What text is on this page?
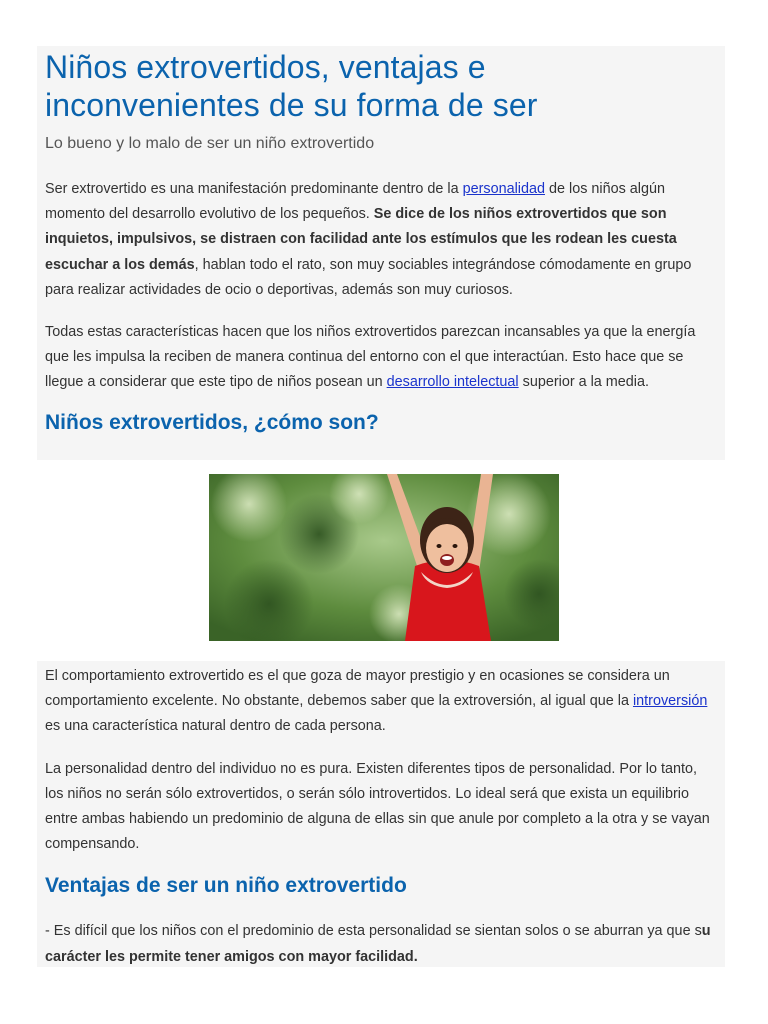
Niños extrovertidos, ventajas e
inconvenientes de su forma de ser
Lo bueno y lo malo de ser un niño extrovertido

Ser extrovertido es una manifestación predominante dentro de la personalidad de los niños algún momento del desarrollo evolutivo de los pequeños. Se dice de los niños extrovertidos que son inquietos, impulsivos, se distraen con facilidad ante los estímulos que les rodean les cuesta escuchar a los demás, hablan todo el rato, son muy sociables integrándose cómodamente en grupo para realizar actividades de ocio o deportivas, además son muy curiosos.

Todas estas características hacen que los niños extrovertidos parezcan incansables ya que la energía que les impulsa la reciben de manera continua del entorno con el que interactúan. Esto hace que se llegue a considerar que este tipo de niños posean un desarrollo intelectual superior a la media.

Niños extrovertidos, ¿cómo son?

El comportamiento extrovertido es el que goza de mayor prestigio y en ocasiones se considera un comportamiento excelente. No obstante, debemos saber que la extroversión, al igual que la introversión es una característica natural dentro de cada persona.

La personalidad dentro del individuo no es pura. Existen diferentes tipos de personalidad. Por lo tanto, los niños no serán sólo extrovertidos, o serán sólo introvertidos. Lo ideal será que exista un equilibrio entre ambas habiendo un predominio de alguna de ellas sin que anule por completo a la otra y se vayan compensando.

Ventajas de ser un niño extrovertido

- Es difícil que los niños con el predominio de esta personalidad se sientan solos o se aburran ya que su carácter les permite tener amigos con mayor facilidad.
